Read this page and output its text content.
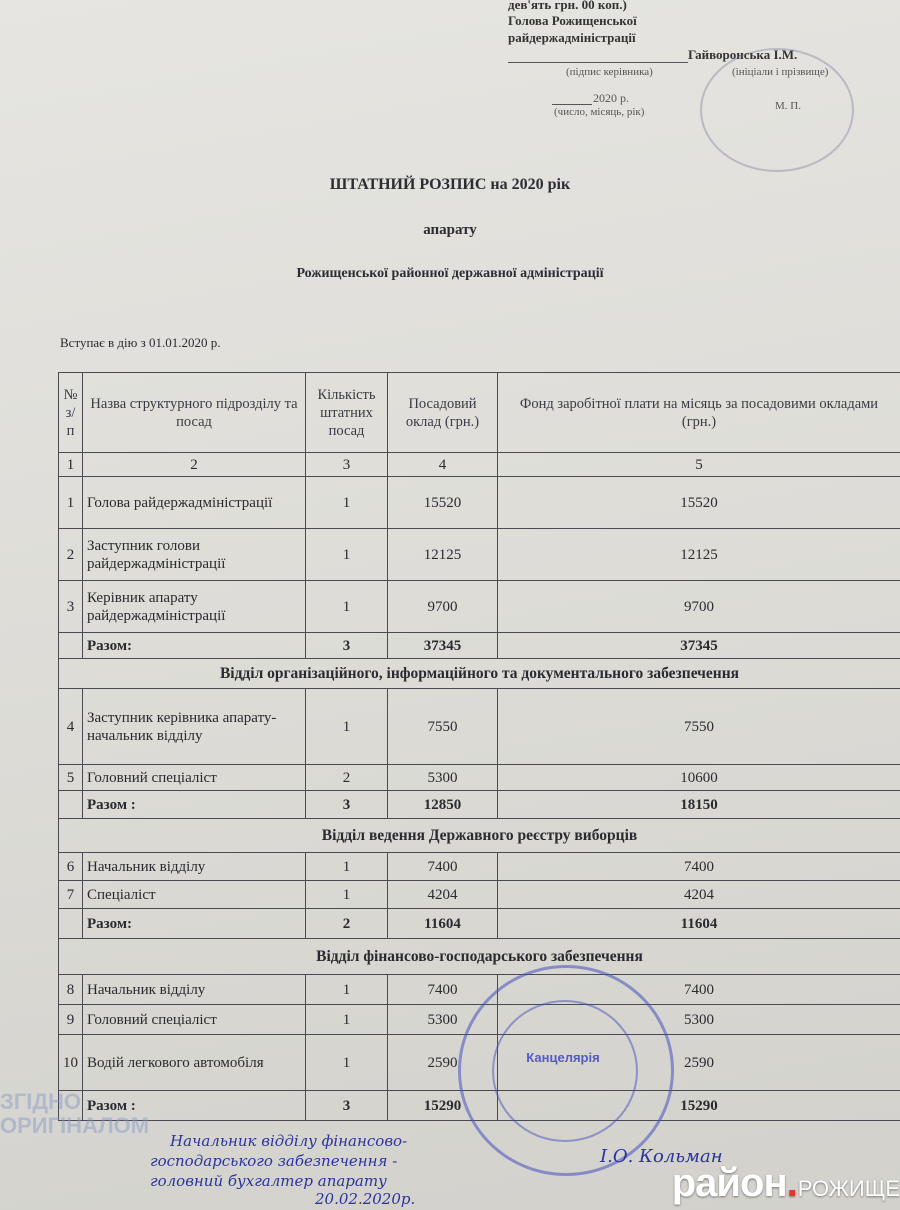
дев'ять грн. 00 коп.)
Голова Рожищенської
райдержадміністрації
Гайворонська І.М.
(підпис керівника)	(ініціали і прізвище)
2020 р.
(число, місяць, рік)	М. П.
ШТАТНИЙ РОЗПИС на 2020 рік
апарату
Рожищенської районної державної адміністрації
Вступає в дію з 01.01.2020 р.
№ з/ п	Назва структурного підрозділу та посад	Кількість штатних посад	Посадовий оклад (грн.)	Фонд заробітної плати на місяць за посадовими окладами (грн.)
1	2	3	4	5
1	Голова райдержадміністрації	1	15520	15520
2	Заступник голови райдержадміністрації	1	12125	12125
3	Керівник апарату райдержадміністрації	1	9700	9700
	Разом:	3	37345	37345
Відділ організаційного, інформаційного та документального забезпечення				
4	Заступник керівника апарату-начальник відділу	1	7550	7550
5	Головний спеціаліст	2	5300	10600
	Разом :	3	12850	18150
Відділ ведення Державного реєстру виборців				
6	Начальник відділу	1	7400	7400
7	Спеціаліст	1	4204	4204
	Разом:	2	11604	11604
Відділ фінансово-господарського забезпечення				
8	Начальник відділу	1	7400	7400
9	Головний спеціаліст	1	5300	5300
10	Водій легкового автомобіля	1	2590	2590
	Разом :	3	15290	15290
Канцелярія
Начальник відділу фінансово-
господарського забезпечення -
головний бухгалтер апарату
20.02.2020р.
І.О. Кольман
ЗГІДНО
ОРИГІНАЛОМ
район.РОЖИЩЕ
